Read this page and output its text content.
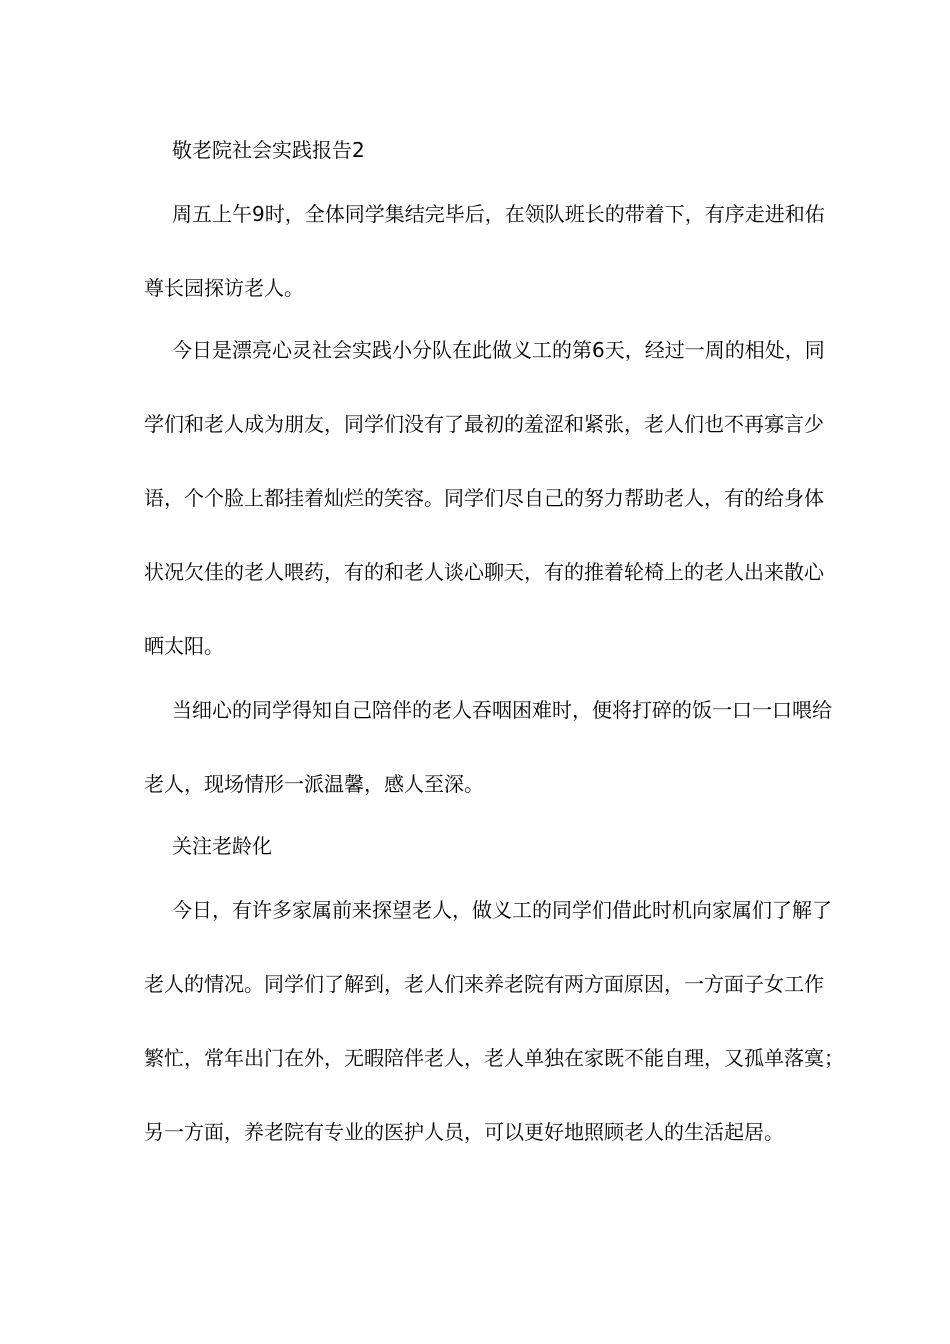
敬老院社会实践报告2
周五上午9时，全体同学集结完毕后，在领队班长的带着下，有序走进和佑
尊长园探访老人。
今日是漂亮心灵社会实践小分队在此做义工的第6天，经过一周的相处，同
学们和老人成为朋友，同学们没有了最初的羞涩和紧张，老人们也不再寡言少
语，个个脸上都挂着灿烂的笑容。同学们尽自己的努力帮助老人，有的给身体
状况欠佳的老人喂药，有的和老人谈心聊天，有的推着轮椅上的老人出来散心
晒太阳。
当细心的同学得知自己陪伴的老人吞咽困难时，便将打碎的饭一口一口喂给
老人，现场情形一派温馨，感人至深。
关注老龄化
今日，有许多家属前来探望老人，做义工的同学们借此时机向家属们了解了
老人的情况。同学们了解到，老人们来养老院有两方面原因，一方面子女工作
繁忙，常年出门在外，无暇陪伴老人，老人单独在家既不能自理，又孤单落寞；
另一方面，养老院有专业的医护人员，可以更好地照顾老人的生活起居。
